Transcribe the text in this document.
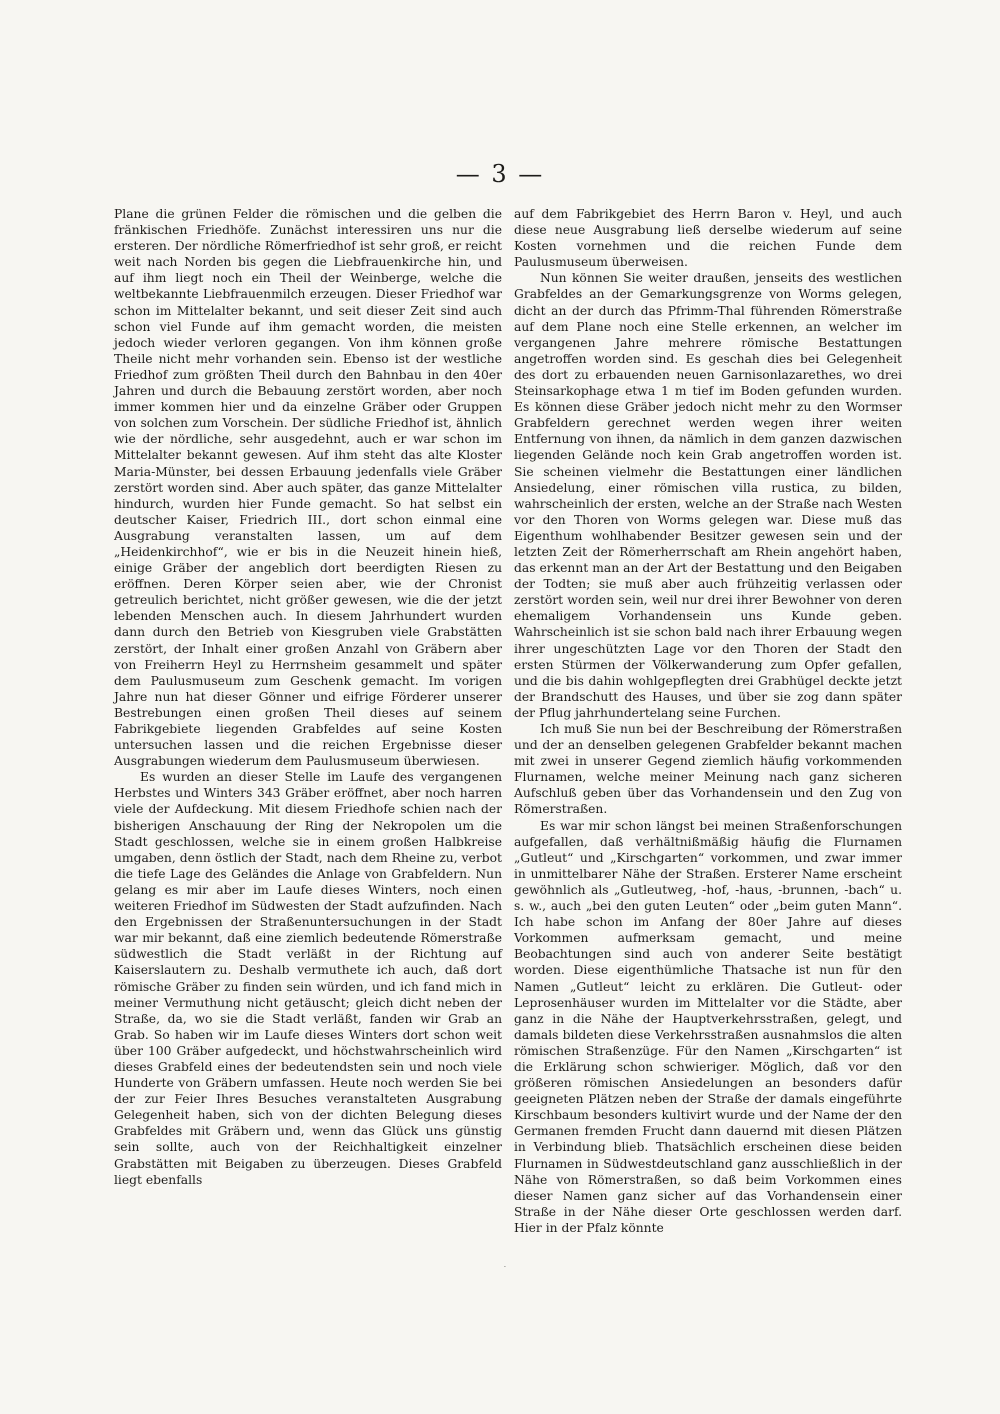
— 3 —

Plane die grünen Felder die römischen und die gelben die fränkischen Friedhöfe. Zunächst interessiren uns nur die ersteren. Der nördliche Römerfriedhof ist sehr groß, er reicht weit nach Norden bis gegen die Liebfrauenkirche hin, und auf ihm liegt noch ein Theil der Weinberge, welche die weltbekannte Liebfrauenmilch erzeugen. Dieser Friedhof war schon im Mittelalter bekannt, und seit dieser Zeit sind auch schon viel Funde auf ihm gemacht worden, die meisten jedoch wieder verloren gegangen. Von ihm können große Theile nicht mehr vorhanden sein. Ebenso ist der westliche Friedhof zum größten Theil durch den Bahnbau in den 40er Jahren und durch die Bebauung zerstört worden, aber noch immer kommen hier und da einzelne Gräber oder Gruppen von solchen zum Vorschein. Der südliche Friedhof ist, ähnlich wie der nördliche, sehr ausgedehnt, auch er war schon im Mittelalter bekannt gewesen. Auf ihm steht das alte Kloster Maria-Münster, bei dessen Erbauung jedenfalls viele Gräber zerstört worden sind. Aber auch später, das ganze Mittelalter hindurch, wurden hier Funde gemacht. So hat selbst ein deutscher Kaiser, Friedrich III., dort schon einmal eine Ausgrabung veranstalten lassen, um auf dem „Heidenkirchhof“, wie er bis in die Neuzeit hinein hieß, einige Gräber der angeblich dort beerdigten Riesen zu eröffnen. Deren Körper seien aber, wie der Chronist getreulich berichtet, nicht größer gewesen, wie die der jetzt lebenden Menschen auch. In diesem Jahrhundert wurden dann durch den Betrieb von Kiesgruben viele Grabstätten zerstört, der Inhalt einer großen Anzahl von Gräbern aber von Freiherrn Heyl zu Herrnsheim gesammelt und später dem Paulusmuseum zum Geschenk gemacht. Im vorigen Jahre nun hat dieser Gönner und eifrige Förderer unserer Bestrebungen einen großen Theil dieses auf seinem Fabrikgebiete liegenden Grabfeldes auf seine Kosten untersuchen lassen und die reichen Ergebnisse dieser Ausgrabungen wiederum dem Paulusmuseum überwiesen.

Es wurden an dieser Stelle im Laufe des vergangenen Herbstes und Winters 343 Gräber eröffnet, aber noch harren viele der Aufdeckung. Mit diesem Friedhofe schien nach der bisherigen Anschauung der Ring der Nekropolen um die Stadt geschlossen, welche sie in einem großen Halbkreise umgaben, denn östlich der Stadt, nach dem Rheine zu, verbot die tiefe Lage des Geländes die Anlage von Grabfeldern. Nun gelang es mir aber im Laufe dieses Winters, noch einen weiteren Friedhof im Südwesten der Stadt aufzufinden. Nach den Ergebnissen der Straßenuntersuchungen in der Stadt war mir bekannt, daß eine ziemlich bedeutende Römerstraße südwestlich die Stadt verläßt in der Richtung auf Kaiserslautern zu. Deshalb vermuthete ich auch, daß dort römische Gräber zu finden sein würden, und ich fand mich in meiner Vermuthung nicht getäuscht; gleich dicht neben der Straße, da, wo sie die Stadt verläßt, fanden wir Grab an Grab. So haben wir im Laufe dieses Winters dort schon weit über 100 Gräber aufgedeckt, und höchstwahrscheinlich wird dieses Grabfeld eines der bedeutendsten sein und noch viele Hunderte von Gräbern umfassen. Heute noch werden Sie bei der zur Feier Ihres Besuches veranstalteten Ausgrabung Gelegenheit haben, sich von der dichten Belegung dieses Grabfeldes mit Gräbern und, wenn das Glück uns günstig sein sollte, auch von der Reichhaltigkeit einzelner Grabstätten mit Beigaben zu überzeugen. Dieses Grabfeld liegt ebenfalls

auf dem Fabrikgebiet des Herrn Baron v. Heyl, und auch diese neue Ausgrabung ließ derselbe wiederum auf seine Kosten vornehmen und die reichen Funde dem Paulusmuseum überweisen.

Nun können Sie weiter draußen, jenseits des westlichen Grabfeldes an der Gemarkungsgrenze von Worms gelegen, dicht an der durch das Pfrimm-Thal führenden Römerstraße auf dem Plane noch eine Stelle erkennen, an welcher im vergangenen Jahre mehrere römische Bestattungen angetroffen worden sind. Es geschah dies bei Gelegenheit des dort zu erbauenden neuen Garnisonlazarethes, wo drei Steinsarkophage etwa 1 m tief im Boden gefunden wurden. Es können diese Gräber jedoch nicht mehr zu den Wormser Grabfeldern gerechnet werden wegen ihrer weiten Entfernung von ihnen, da nämlich in dem ganzen dazwischen liegenden Gelände noch kein Grab angetroffen worden ist. Sie scheinen vielmehr die Bestattungen einer ländlichen Ansiedelung, einer römischen villa rustica, zu bilden, wahrscheinlich der ersten, welche an der Straße nach Westen vor den Thoren von Worms gelegen war. Diese muß das Eigenthum wohlhabender Besitzer gewesen sein und der letzten Zeit der Römerherrschaft am Rhein angehört haben, das erkennt man an der Art der Bestattung und den Beigaben der Todten; sie muß aber auch frühzeitig verlassen oder zerstört worden sein, weil nur drei ihrer Bewohner von deren ehemaligem Vorhandensein uns Kunde geben. Wahrscheinlich ist sie schon bald nach ihrer Erbauung wegen ihrer ungeschützten Lage vor den Thoren der Stadt den ersten Stürmen der Völkerwanderung zum Opfer gefallen, und die bis dahin wohlgepflegten drei Grabhügel deckte jetzt der Brandschutt des Hauses, und über sie zog dann später der Pflug jahrhundertelang seine Furchen.

Ich muß Sie nun bei der Beschreibung der Römerstraßen und der an denselben gelegenen Grabfelder bekannt machen mit zwei in unserer Gegend ziemlich häufig vorkommenden Flurnamen, welche meiner Meinung nach ganz sicheren Aufschluß geben über das Vorhandensein und den Zug von Römerstraßen.

Es war mir schon längst bei meinen Straßenforschungen aufgefallen, daß verhältnißmäßig häufig die Flurnamen „Gutleut“ und „Kirschgarten“ vorkommen, und zwar immer in unmittelbarer Nähe der Straßen. Ersterer Name erscheint gewöhnlich als „Gutleutweg, -hof, -haus, -brunnen, -bach“ u. s. w., auch „bei den guten Leuten“ oder „beim guten Mann“. Ich habe schon im Anfang der 80er Jahre auf dieses Vorkommen aufmerksam gemacht, und meine Beobachtungen sind auch von anderer Seite bestätigt worden. Diese eigenthümliche Thatsache ist nun für den Namen „Gutleut“ leicht zu erklären. Die Gutleut- oder Leprosenhäuser wurden im Mittelalter vor die Städte, aber ganz in die Nähe der Hauptverkehrsstraßen, gelegt, und damals bildeten diese Verkehrsstraßen ausnahmslos die alten römischen Straßenzüge. Für den Namen „Kirschgarten“ ist die Erklärung schon schwieriger. Möglich, daß vor den größeren römischen Ansiedelungen an besonders dafür geeigneten Plätzen neben der Straße der damals eingeführte Kirschbaum besonders kultivirt wurde und der Name der den Germanen fremden Frucht dann dauernd mit diesen Plätzen in Verbindung blieb. Thatsächlich erscheinen diese beiden Flurnamen in Südwestdeutschland ganz ausschließlich in der Nähe von Römerstraßen, so daß beim Vorkommen eines dieser Namen ganz sicher auf das Vorhandensein einer Straße in der Nähe dieser Orte geschlossen werden darf. Hier in der Pfalz könnte

·
